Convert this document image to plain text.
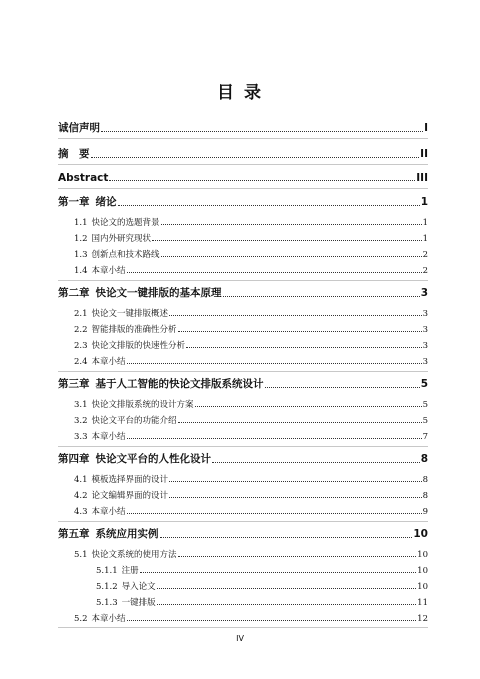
目 录
诚信声明	I
摘　要	II
Abstract	III
第一章 绪论	1
1.1 快论文的选题背景	1
1.2 国内外研究现状	1
1.3 创新点和技术路线	2
1.4 本章小结	2
第二章 快论文一键排版的基本原理	3
2.1 快论文一键排版概述	3
2.2 智能排版的准确性分析	3
2.3 快论文排版的快速性分析	3
2.4 本章小结	3
第三章 基于人工智能的快论文排版系统设计	5
3.1 快论文排版系统的设计方案	5
3.2 快论文平台的功能介绍	5
3.3 本章小结	7
第四章 快论文平台的人性化设计	8
4.1 模板选择界面的设计	8
4.2 论文编辑界面的设计	8
4.3 本章小结	9
第五章 系统应用实例	10
5.1 快论文系统的使用方法	10
5.1.1 注册	10
5.1.2 导入论文	10
5.1.3 一键排版	11
5.2 本章小结	12
IV
